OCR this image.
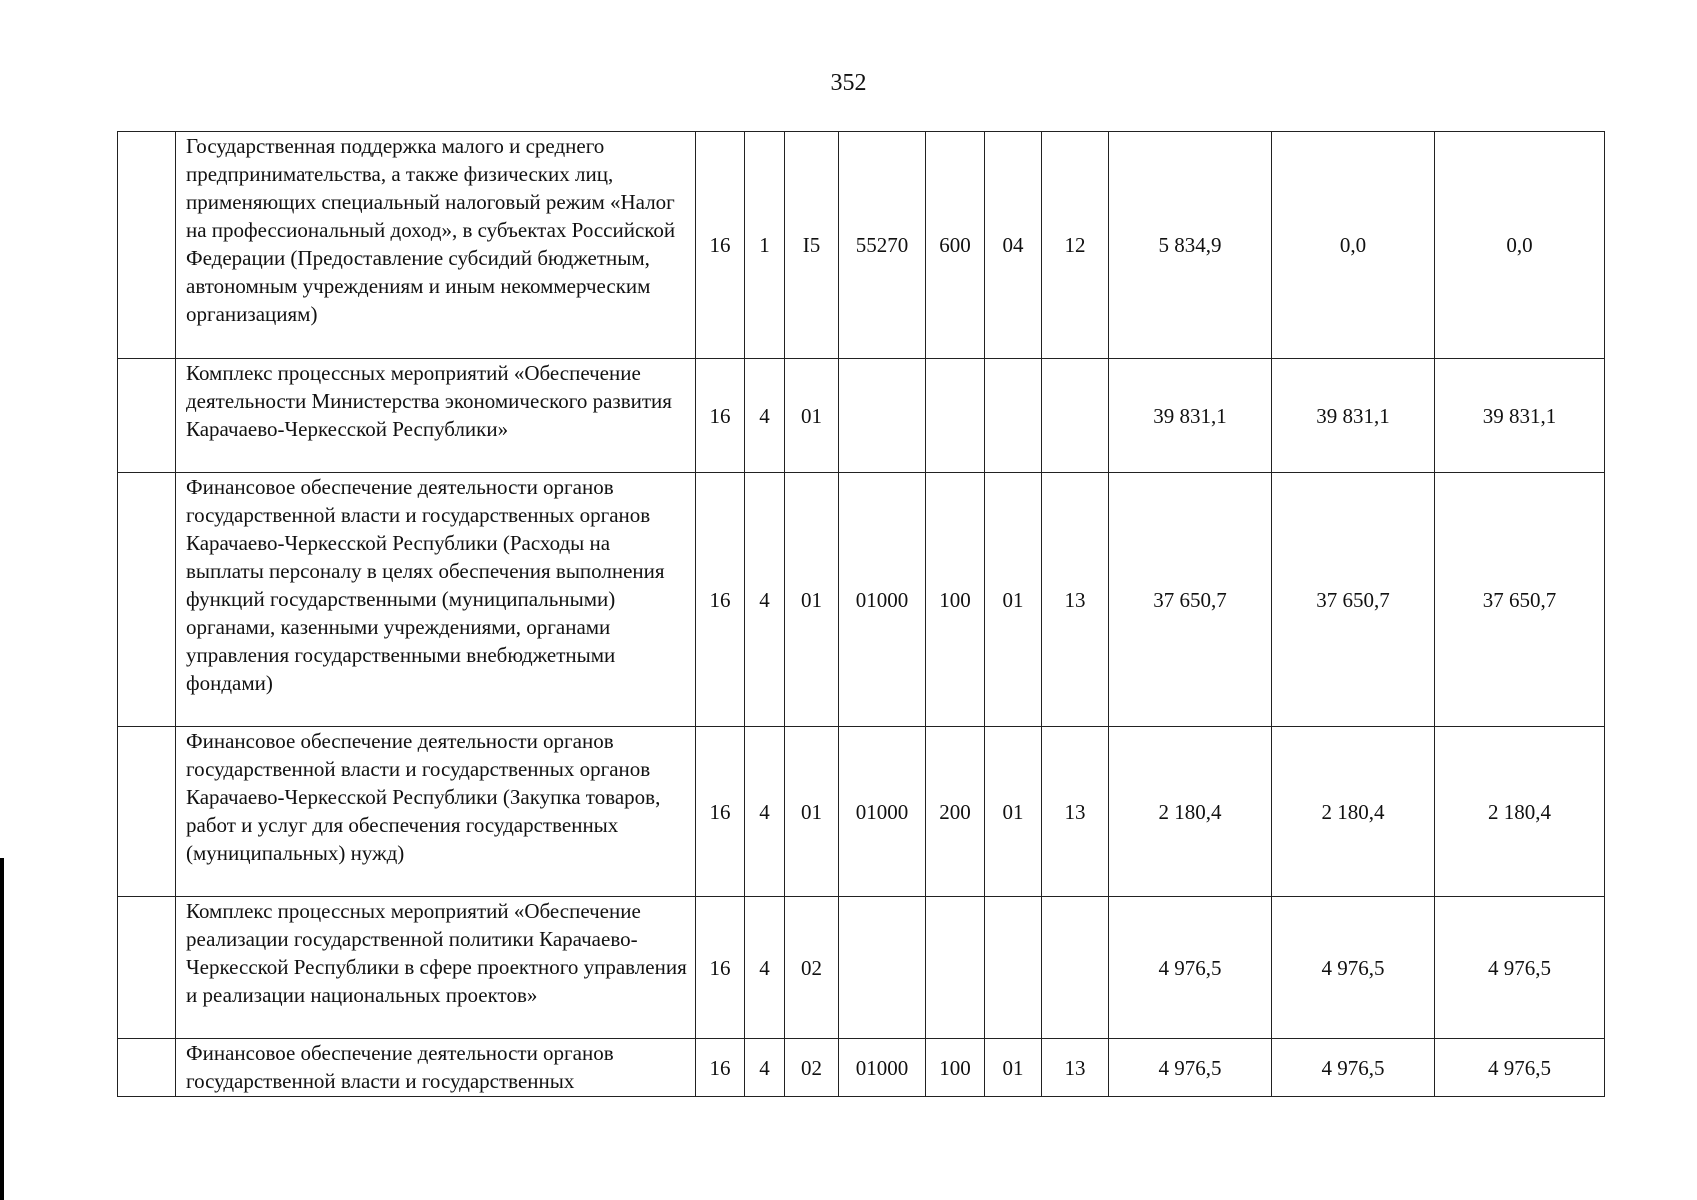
352
	Государственная поддержка малого и среднего предпринимательства, а также физических лиц, применяющих специальный налоговый режим «Налог на профессиональный доход», в субъектах Российской Федерации (Предоставление субсидий бюджетным, автономным учреждениям и иным некоммерческим организациям)	16	1	I5	55270	600	04	12	5 834,9	0,0	0,0
	Комплекс процессных мероприятий «Обеспечение деятельности Министерства экономического развития Карачаево-Черкесской Республики»	16	4	01					39 831,1	39 831,1	39 831,1
	Финансовое обеспечение деятельности органов государственной власти и государственных органов Карачаево-Черкесской Республики (Расходы на выплаты персоналу в целях обеспечения выполнения функций государственными (муниципальными) органами, казенными учреждениями, органами управления государственными внебюджетными фондами)	16	4	01	01000	100	01	13	37 650,7	37 650,7	37 650,7
	Финансовое обеспечение деятельности органов государственной власти и государственных органов Карачаево-Черкесской Республики (Закупка товаров, работ и услуг для обеспечения государственных (муниципальных) нужд)	16	4	01	01000	200	01	13	2 180,4	2 180,4	2 180,4
	Комплекс процессных мероприятий «Обеспечение реализации государственной политики Карачаево-Черкесской Республики в сфере проектного управления и реализации национальных проектов»	16	4	02					4 976,5	4 976,5	4 976,5
	Финансовое обеспечение деятельности органов государственной власти и государственных	16	4	02	01000	100	01	13	4 976,5	4 976,5	4 976,5
